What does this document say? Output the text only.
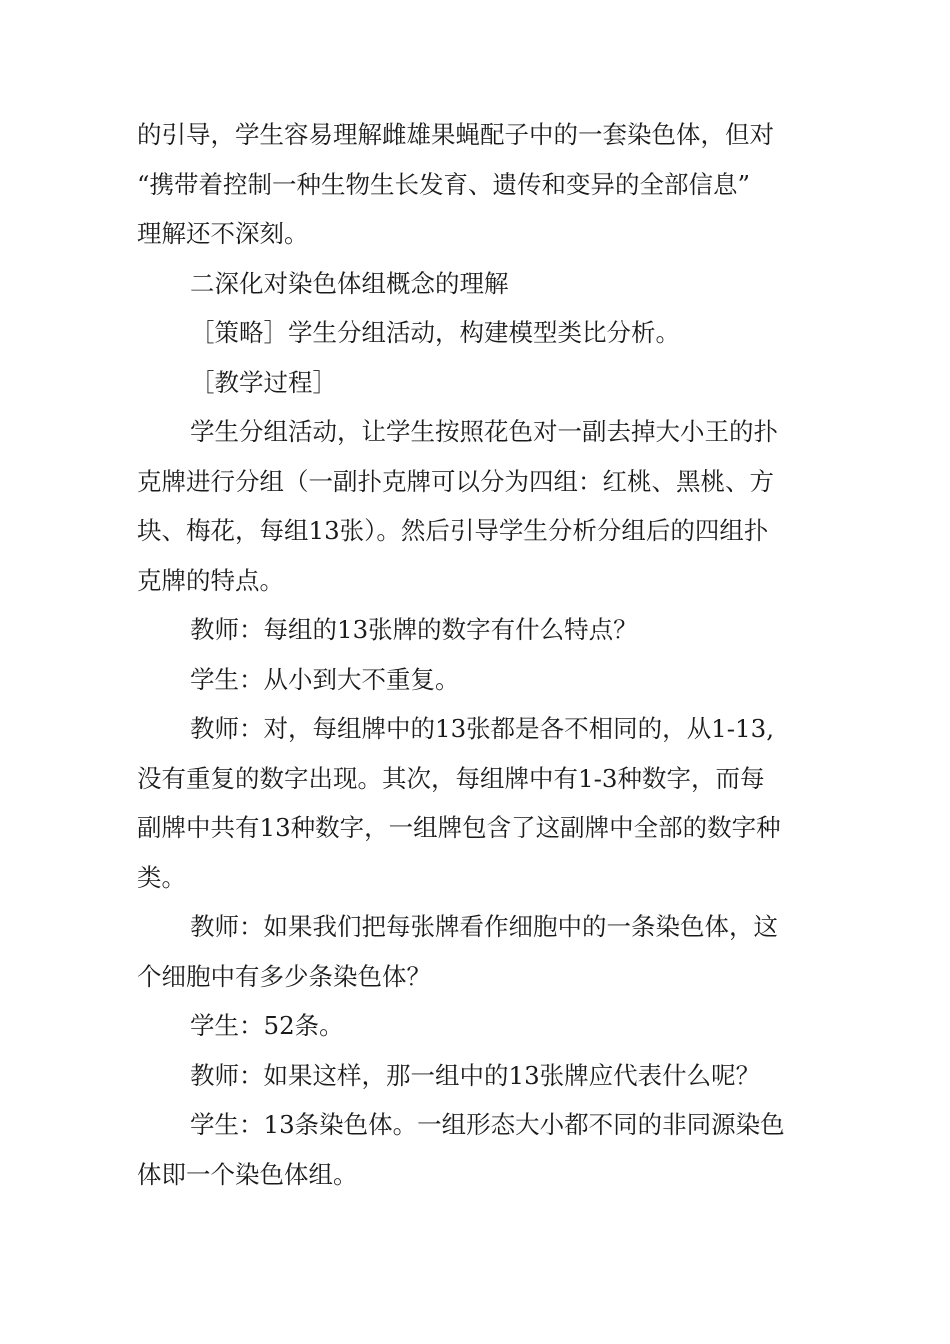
的引导，学生容易理解雌雄果蝇配子中的一套染色体，但对
“携带着控制一种生物生长发育、遗传和变异的全部信息”
理解还不深刻。
二深化对染色体组概念的理解
［策略］学生分组活动，构建模型类比分析。
［教学过程］
学生分组活动，让学生按照花色对一副去掉大小王的扑
克牌进行分组（一副扑克牌可以分为四组：红桃、黑桃、方
块、梅花，每组13张）。然后引导学生分析分组后的四组扑
克牌的特点。
教师：每组的13张牌的数字有什么特点？
学生：从小到大不重复。
教师：对，每组牌中的13张都是各不相同的，从1-13,
没有重复的数字出现。其次，每组牌中有1-3种数字，而每
副牌中共有13种数字，一组牌包含了这副牌中全部的数字种
类。
教师：如果我们把每张牌看作细胞中的一条染色体，这
个细胞中有多少条染色体？
学生：52条。
教师：如果这样，那一组中的13张牌应代表什么呢？
学生：13条染色体。一组形态大小都不同的非同源染色
体即一个染色体组。
